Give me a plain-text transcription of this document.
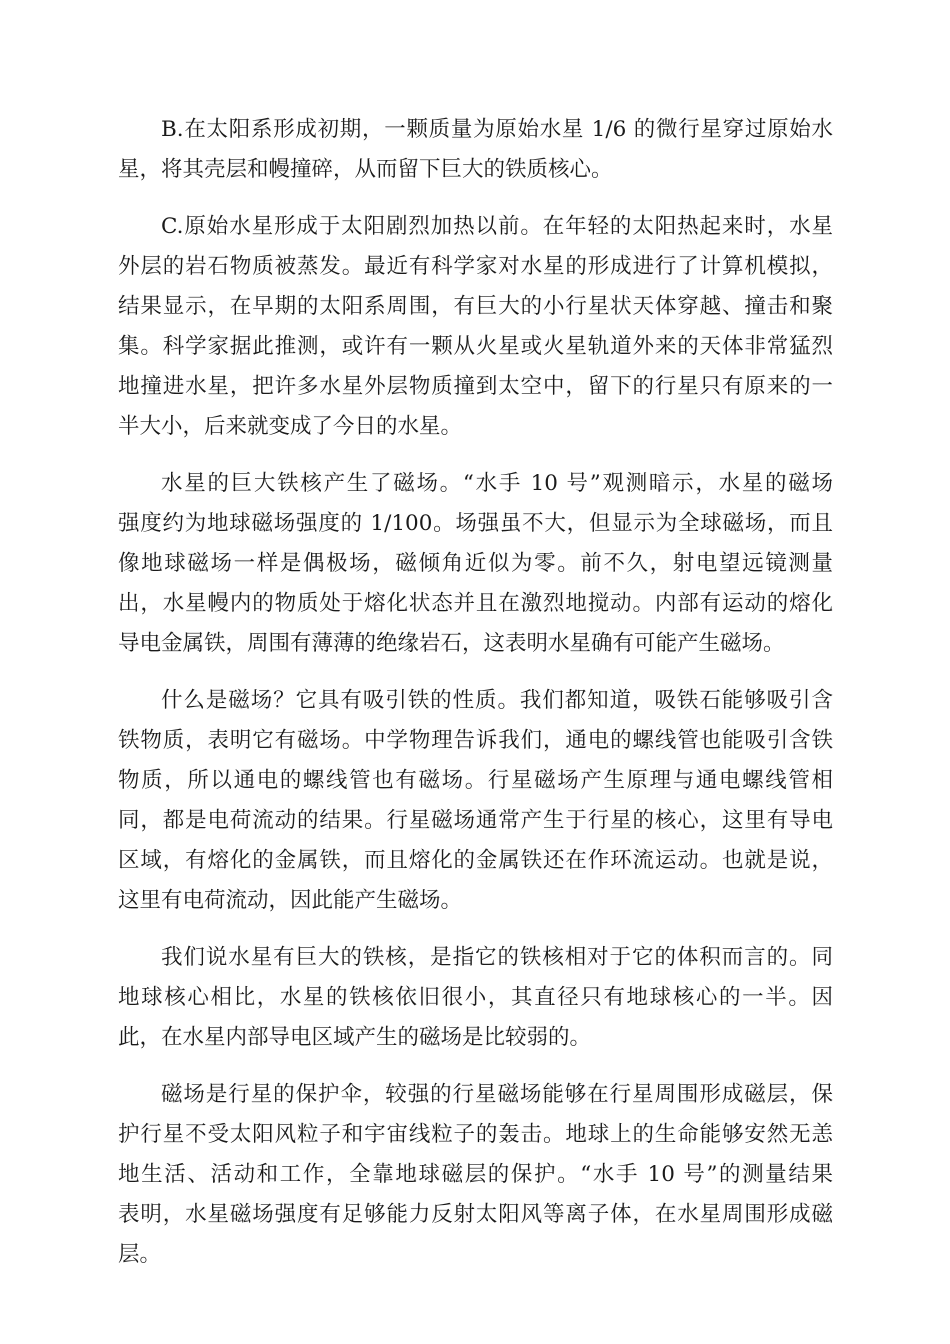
B.在太阳系形成初期，一颗质量为原始水星 1/6 的微行星穿过原始水
星，将其壳层和幔撞碎，从而留下巨大的铁质核心。
C.原始水星形成于太阳剧烈加热以前。在年轻的太阳热起来时，水星
外层的岩石物质被蒸发。最近有科学家对水星的形成进行了计算机模拟，
结果显示，在早期的太阳系周围，有巨大的小行星状天体穿越、撞击和聚
集。科学家据此推测，或许有一颗从火星或火星轨道外来的天体非常猛烈
地撞进水星，把许多水星外层物质撞到太空中，留下的行星只有原来的一
半大小，后来就变成了今日的水星。
水星的巨大铁核产生了磁场。“水手 10 号”观测暗示，水星的磁场
强度约为地球磁场强度的 1/100。场强虽不大，但显示为全球磁场，而且
像地球磁场一样是偶极场，磁倾角近似为零。前不久，射电望远镜测量
出，水星幔内的物质处于熔化状态并且在激烈地搅动。内部有运动的熔化
导电金属铁，周围有薄薄的绝缘岩石，这表明水星确有可能产生磁场。
什么是磁场？它具有吸引铁的性质。我们都知道，吸铁石能够吸引含
铁物质，表明它有磁场。中学物理告诉我们，通电的螺线管也能吸引含铁
物质，所以通电的螺线管也有磁场。行星磁场产生原理与通电螺线管相
同，都是电荷流动的结果。行星磁场通常产生于行星的核心，这里有导电
区域，有熔化的金属铁，而且熔化的金属铁还在作环流运动。也就是说，
这里有电荷流动，因此能产生磁场。
我们说水星有巨大的铁核，是指它的铁核相对于它的体积而言的。同
地球核心相比，水星的铁核依旧很小，其直径只有地球核心的一半。因
此，在水星内部导电区域产生的磁场是比较弱的。
磁场是行星的保护伞，较强的行星磁场能够在行星周围形成磁层，保
护行星不受太阳风粒子和宇宙线粒子的轰击。地球上的生命能够安然无恙
地生活、活动和工作，全靠地球磁层的保护。“水手 10 号”的测量结果
表明，水星磁场强度有足够能力反射太阳风等离子体，在水星周围形成磁
层。
